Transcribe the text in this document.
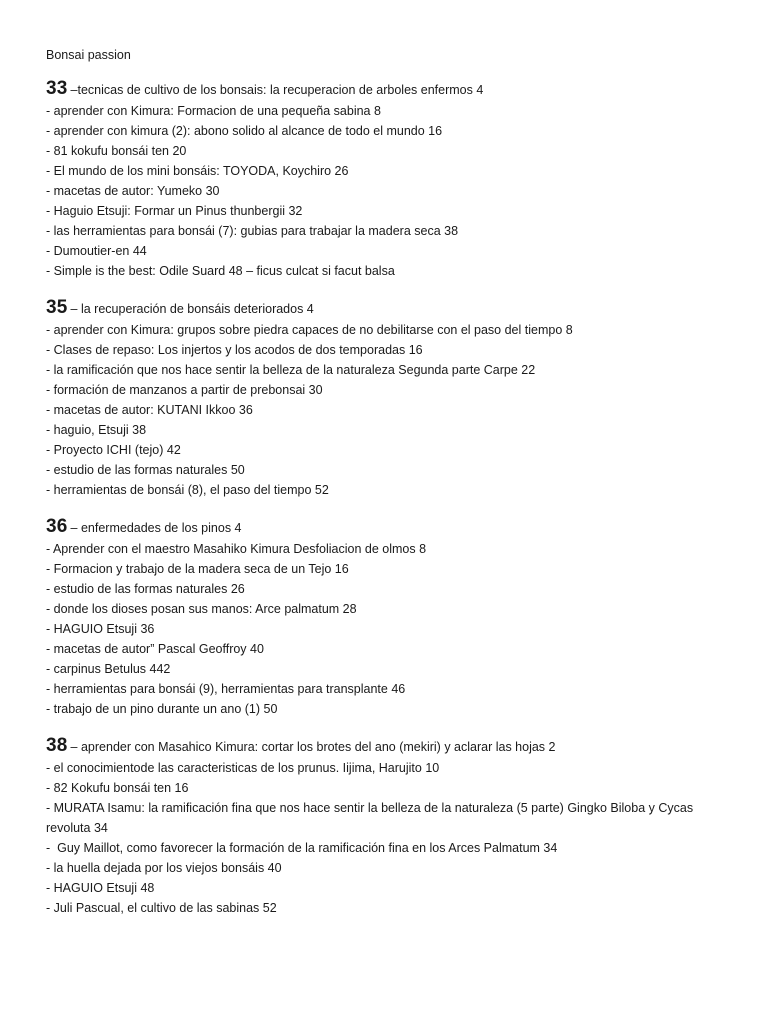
Bonsai passion

33 –tecnicas de cultivo de los bonsais: la recuperacion de arboles enfermos 4

- aprender con Kimura: Formacion de una pequeña sabina 8

- aprender con kimura (2): abono solido al alcance de todo el mundo 16

- 81 kokufu bonsái ten 20

- El mundo de los mini bonsáis: TOYODA, Koychiro 26

- macetas de autor: Yumeko 30

- Haguio Etsuji: Formar un Pinus thunbergii 32

- las herramientas para bonsái (7): gubias para trabajar la madera seca 38

- Dumoutier-en 44

- Simple is the best: Odile Suard 48 – ficus culcat si facut balsa

35 – la recuperación de bonsáis deteriorados 4

- aprender con Kimura: grupos sobre piedra capaces de no debilitarse con el paso del tiempo 8

- Clases de repaso: Los injertos y los acodos de dos temporadas 16

- la ramificación que nos hace sentir la belleza de la naturaleza Segunda parte Carpe 22

- formación de manzanos a partir de prebonsai 30

- macetas de autor: KUTANI Ikkoo 36

- haguio, Etsuji 38

- Proyecto ICHI (tejo) 42

- estudio de las formas naturales 50

- herramientas de bonsái (8), el paso del tiempo 52

36 – enfermedades de los pinos 4

- Aprender con el maestro Masahiko Kimura Desfoliacion de olmos 8

- Formacion y trabajo de la madera seca de un Tejo 16

- estudio de las formas naturales 26

- donde los dioses posan sus manos: Arce palmatum 28

- HAGUIO Etsuji 36

- macetas de autor” Pascal Geoffroy 40

- carpinus Betulus 442

- herramientas para bonsái (9), herramientas para transplante 46

- trabajo de un pino durante un ano (1) 50

38 – aprender con Masahico Kimura: cortar los brotes del ano (mekiri) y aclarar las hojas 2

- el conocimientode las caracteristicas de los prunus. Iijima, Harujito 10

- 82 Kokufu bonsái ten 16

- MURATA Isamu: la ramificación fina que nos hace sentir la belleza de la naturaleza (5 parte) Gingko Biloba y Cycas revoluta 34

-  Guy Maillot, como favorecer la formación de la ramificación fina en los Arces Palmatum 34

- la huella dejada por los viejos bonsáis 40

- HAGUIO Etsuji 48

- Juli Pascual, el cultivo de las sabinas 52
